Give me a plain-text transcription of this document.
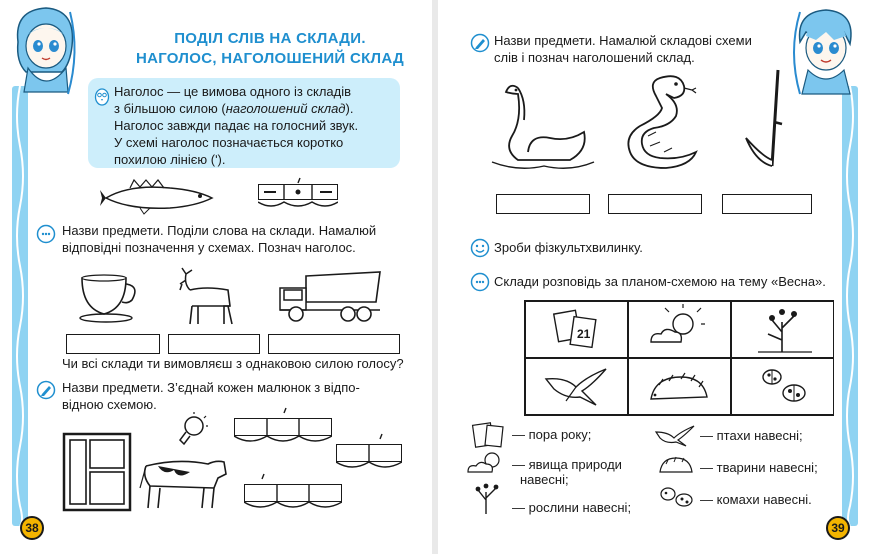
ПОДІЛ СЛІВ НА СКЛАДИ.
НАГОЛОС, НАГОЛОШЕНИЙ СКЛАД
Наголос — це вимова одного із складів
з більшою силою (наголошений склад).
Наголос завжди падає на голосний звук.
У схемі наголос позначається коротко
похилою лінією (ʹ).
Назви предмети. Поділи слова на склади. Намалюй
відповідні позначення у схемах. Познач наголос.
Чи всі склади ти вимовляєш з однаковою силою голосу?
Назви предмети. З’єднай кожен малюнок з відпо-
відною схемою.
38
Назви предмети. Намалюй складові схеми
слів і познач наголошений склад.
Зроби фізкультхвилинку.
Склади розповідь за планом-схемою на тему «Весна».
21
— пора року;
— явища природи
навесні;
— рослини навесні;
— птахи навесні;
— тварини навесні;
— комахи навесні.
39
